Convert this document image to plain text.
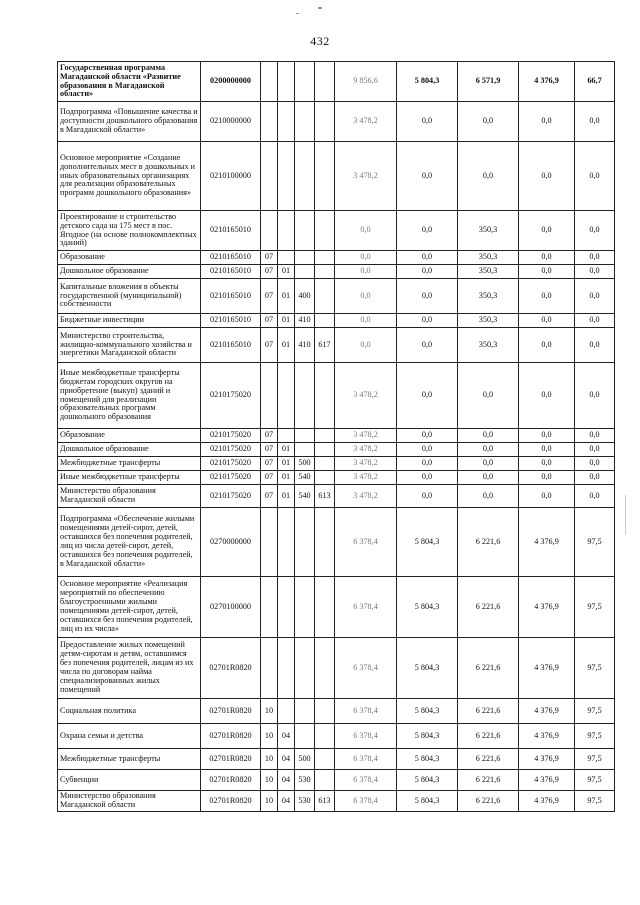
432
Государственная программа Магаданской области «Развитие образования в Магаданской области»	0200000000					9 856,6	5 804,3	6 571,9	4 376,9	66,7
Подпрограмма «Повышение качества и доступности дошкольного образования в Магаданской области»	0210000000					3 478,2	0,0	0,0	0,0	0,0
Основное мероприятие «Создание дополнительных мест в дошкольных и иных образовательных организациях для реализации образовательных программ дошкольного образования»	0210100000					3 478,2	0,0	0,0	0,0	0,0
Проектирование и строительство детского сада на 175 мест в пос. Ягодное (на основе полнокомплектных зданий)	0210165010					0,0	0,0	350,3	0,0	0,0
Образование	0210165010	07				0,0	0,0	350,3	0,0	0,0
Дошкольное образование	0210165010	07	01			0,0	0,0	350,3	0,0	0,0
Капитальные вложения в объекты государственной (муниципальной) собственности	0210165010	07	01	400		0,0	0,0	350,3	0,0	0,0
Бюджетные инвестиции	0210165010	07	01	410		0,0	0,0	350,3	0,0	0,0
Министерство строительства, жилищно-коммунального хозяйства и энергетики Магаданской области	0210165010	07	01	410	617	0,0	0,0	350,3	0,0	0,0
Иные межбюджетные трансферты бюджетам городских округов на приобретение (выкуп) зданий и помещений для реализации образовательных программ дошкольного образования	0210175020					3 478,2	0,0	0,0	0,0	0,0
Образование	0210175020	07				3 478,2	0,0	0,0	0,0	0,0
Дошкольное образование	0210175020	07	01			3 478,2	0,0	0,0	0,0	0,0
Межбюджетные трансферты	0210175020	07	01	500		3 478,2	0,0	0,0	0,0	0,0
Иные межбюджетные трансферты	0210175020	07	01	540		3 478,2	0,0	0,0	0,0	0,0
Министерство образования Магаданской области	0210175020	07	01	540	613	3 478,2	0,0	0,0	0,0	0,0
Подпрограмма «Обеспечение жилыми помещениями детей-сирот, детей, оставшихся без попечения родителей, лиц из числа детей-сирот, детей, оставшихся без попечения родителей, в Магаданской области»	0270000000					6 378,4	5 804,3	6 221,6	4 376,9	97,5
Основное мероприятие «Реализация мероприятий по обеспечению благоустроенными жилыми помещениями детей-сирот, детей, оставшихся без попечения родителей, лиц из их числа»	0270100000					6 378,4	5 804,3	6 221,6	4 376,9	97,5
Предоставление жилых помещений детям-сиротам и детям, оставшимся без попечения родителей, лицам из их числа по договорам найма специализированных жилых помещений	02701R0820					6 378,4	5 804,3	6 221,6	4 376,9	97,5
Социальная политика	02701R0820	10				6 378,4	5 804,3	6 221,6	4 376,9	97,5
Охрана семьи и детства	02701R0820	10	04			6 378,4	5 804,3	6 221,6	4 376,9	97,5
Межбюджетные трансферты	02701R0820	10	04	500		6 378,4	5 804,3	6 221,6	4 376,9	97,5
Субвенции	02701R0820	10	04	530		6 378,4	5 804,3	6 221,6	4 376,9	97,5
Министерство образования Магаданской области	02701R0820	10	04	530	613	6 378,4	5 804,3	6 221,6	4 376,9	97,5
